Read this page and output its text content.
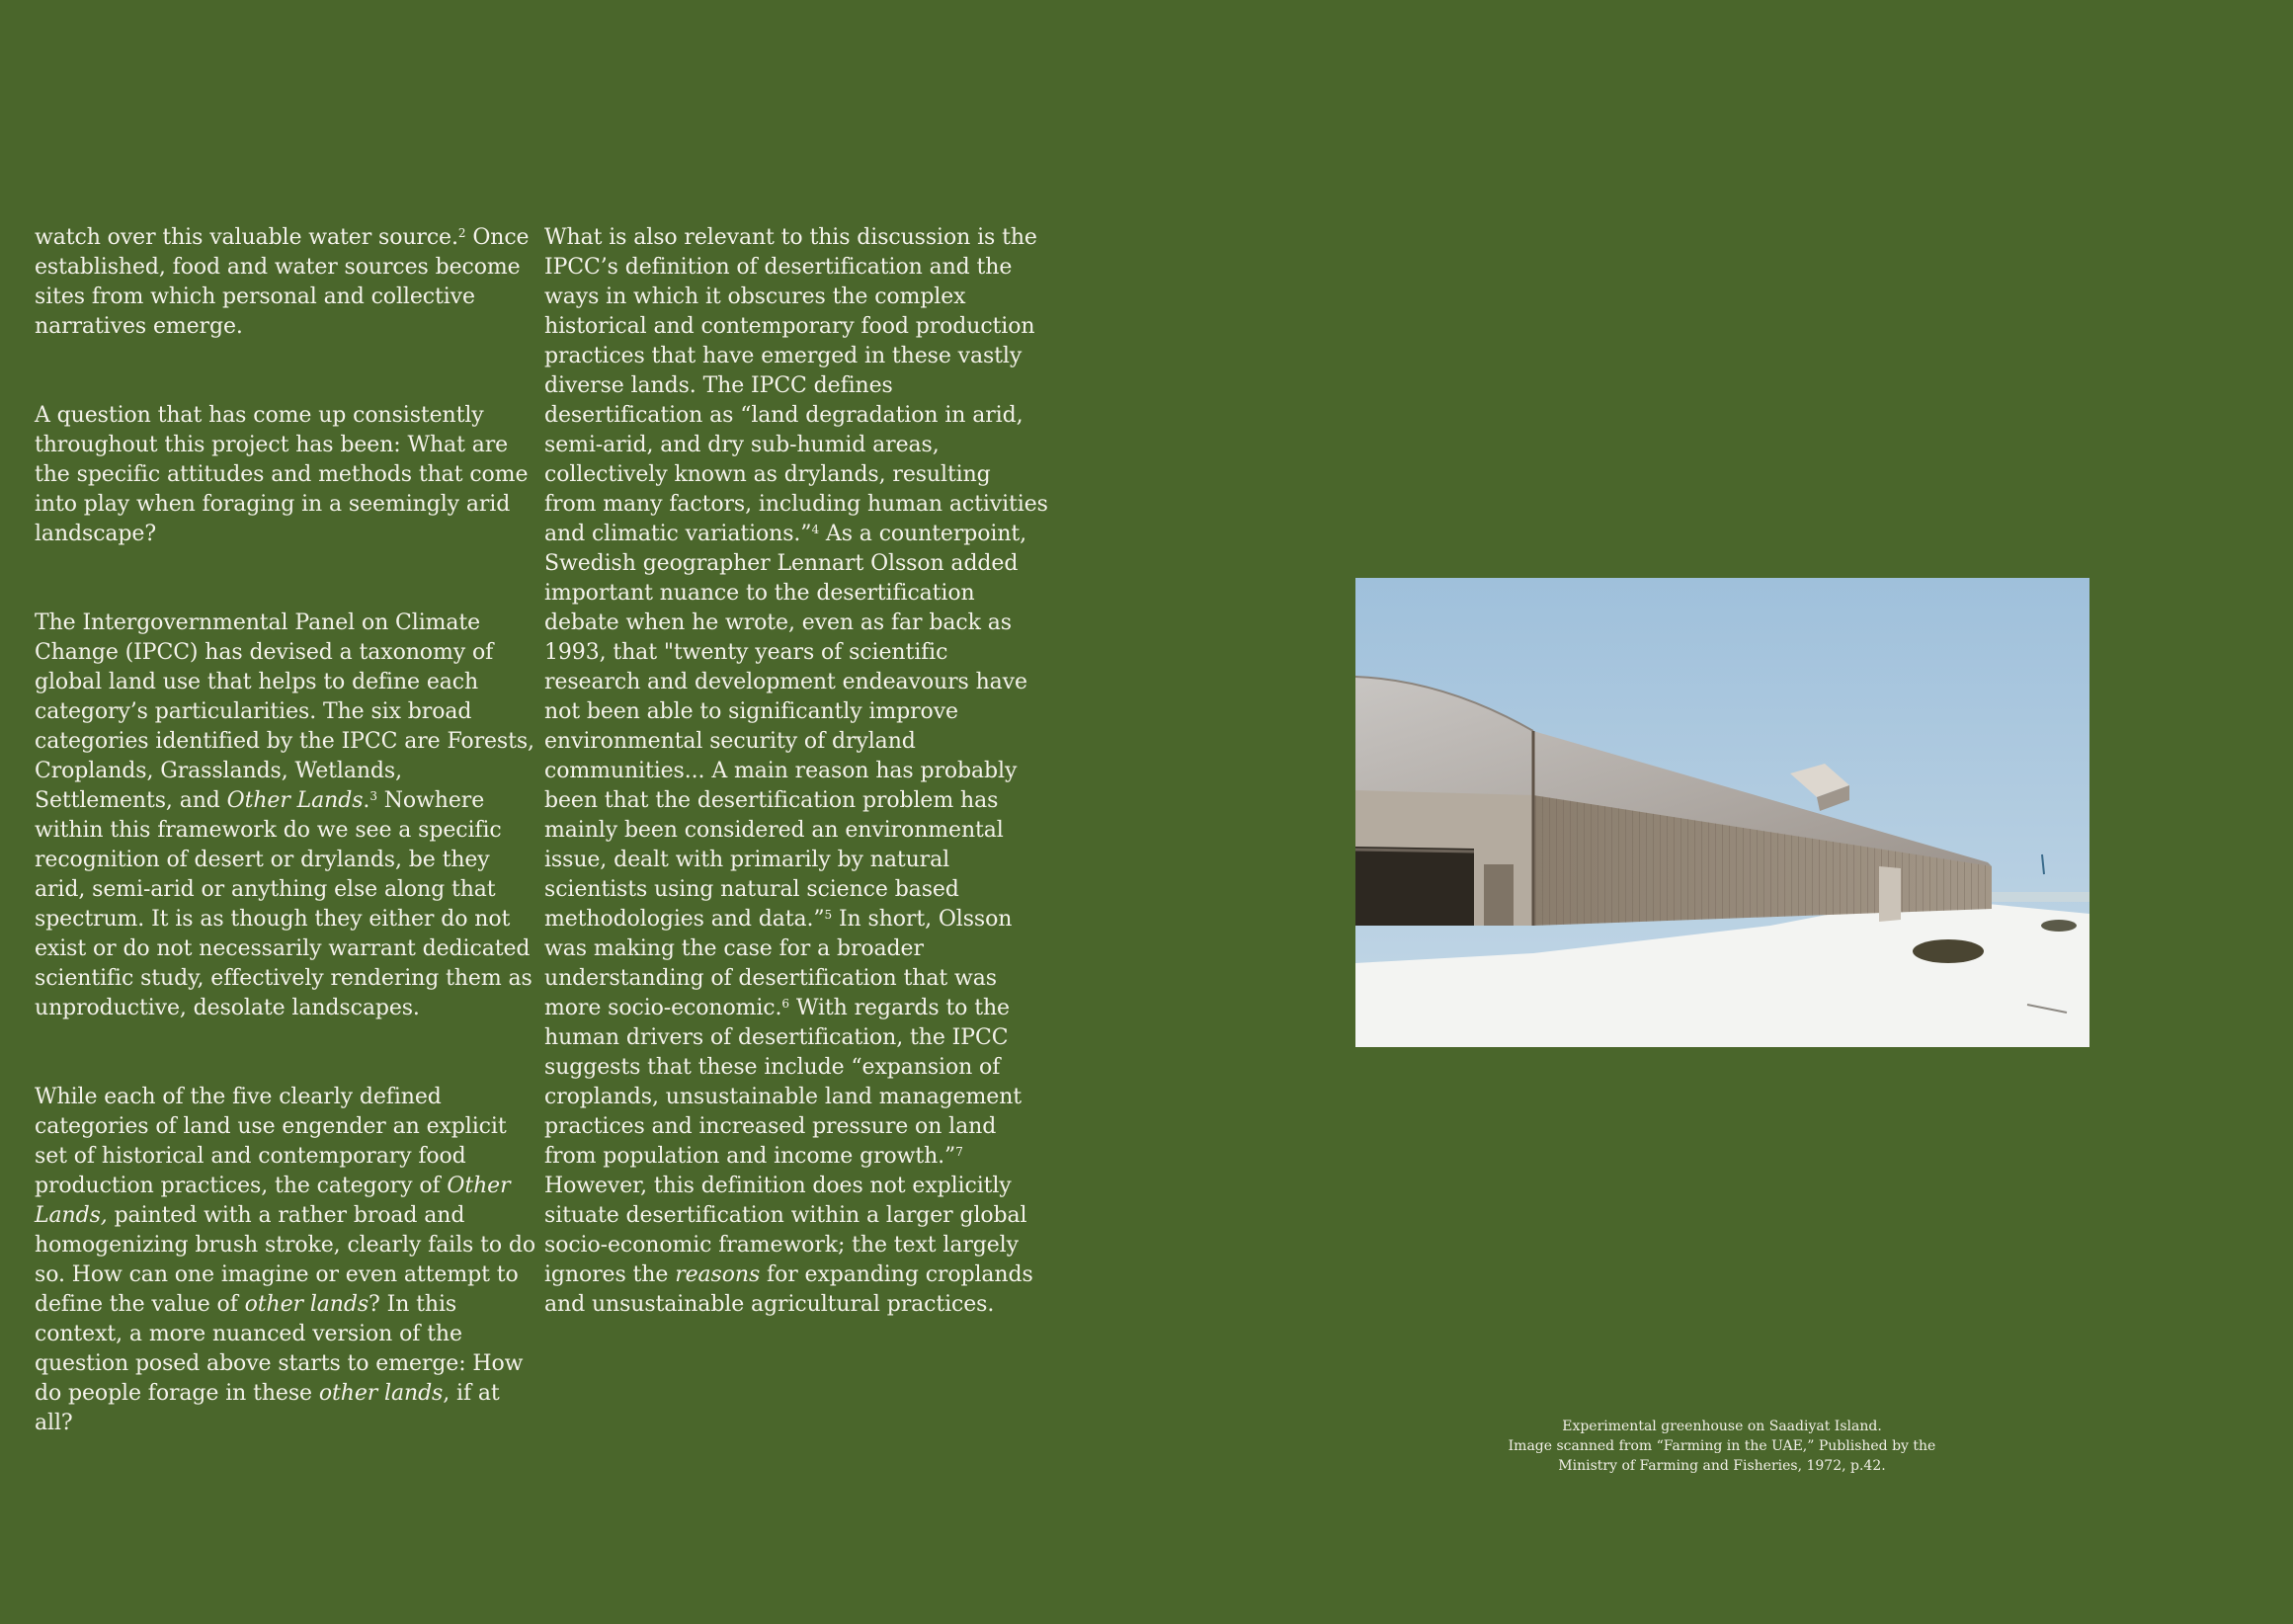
watch over this valuable water source.$^2$ Once established, food and water sources become sites from which personal and collective narratives emerge.

A question that has come up consistently throughout this project has been: What are the specific attitudes and methods that come into play when foraging in a seemingly arid landscape?

The Intergovernmental Panel on Climate Change (IPCC) has devised a taxonomy of global land use that helps to define each category’s particularities. The six broad categories identified by the IPCC are Forests, Croplands, Grasslands, Wetlands, Settlements, and Other Lands.$^3$ Nowhere within this framework do we see a specific recognition of desert or drylands, be they arid, semi-arid or anything else along that spectrum. It is as though they either do not exist or do not necessarily warrant dedicated scientific study, effectively rendering them as unproductive, desolate landscapes.

While each of the five clearly defined categories of land use engender an explicit set of historical and contemporary food production practices, the category of Other Lands, painted with a rather broad and homogenizing brush stroke, clearly fails to do so. How can one imagine or even attempt to define the value of other lands? In this context, a more nuanced version of the question posed above starts to emerge: How do people forage in these other lands, if at all?

What is also relevant to this discussion is the IPCC’s definition of desertification and the ways in which it obscures the complex historical and contemporary food production practices that have emerged in these vastly diverse lands. The IPCC defines desertification as “land degradation in arid, semi-arid, and dry sub-humid areas, collectively known as drylands, resulting from many factors, including human activities and climatic variations.”$^4$ As a counterpoint, Swedish geographer Lennart Olsson added important nuance to the desertification debate when he wrote, even as far back as 1993, that "twenty years of scientific research and development endeavours have not been able to significantly improve environmental security of dryland communities... A main reason has probably been that the desertification problem has mainly been considered an environmental issue, dealt with primarily by natural scientists using natural science based methodologies and data.”$^5$ In short, Olsson was making the case for a broader understanding of desertification that was more socio-economic.$^6$ With regards to the human drivers of desertification, the IPCC suggests that these include “expansion of croplands, unsustainable land management practices and increased pressure on land from population and income growth.”$^7$ However, this definition does not explicitly situate desertification within a larger global socio-economic framework; the text largely ignores the reasons for expanding croplands and unsustainable agricultural practices.

Experimental greenhouse on Saadiyat Island.
Image scanned from “Farming in the UAE,” Published by the
Ministry of Farming and Fisheries, 1972, p.42.
